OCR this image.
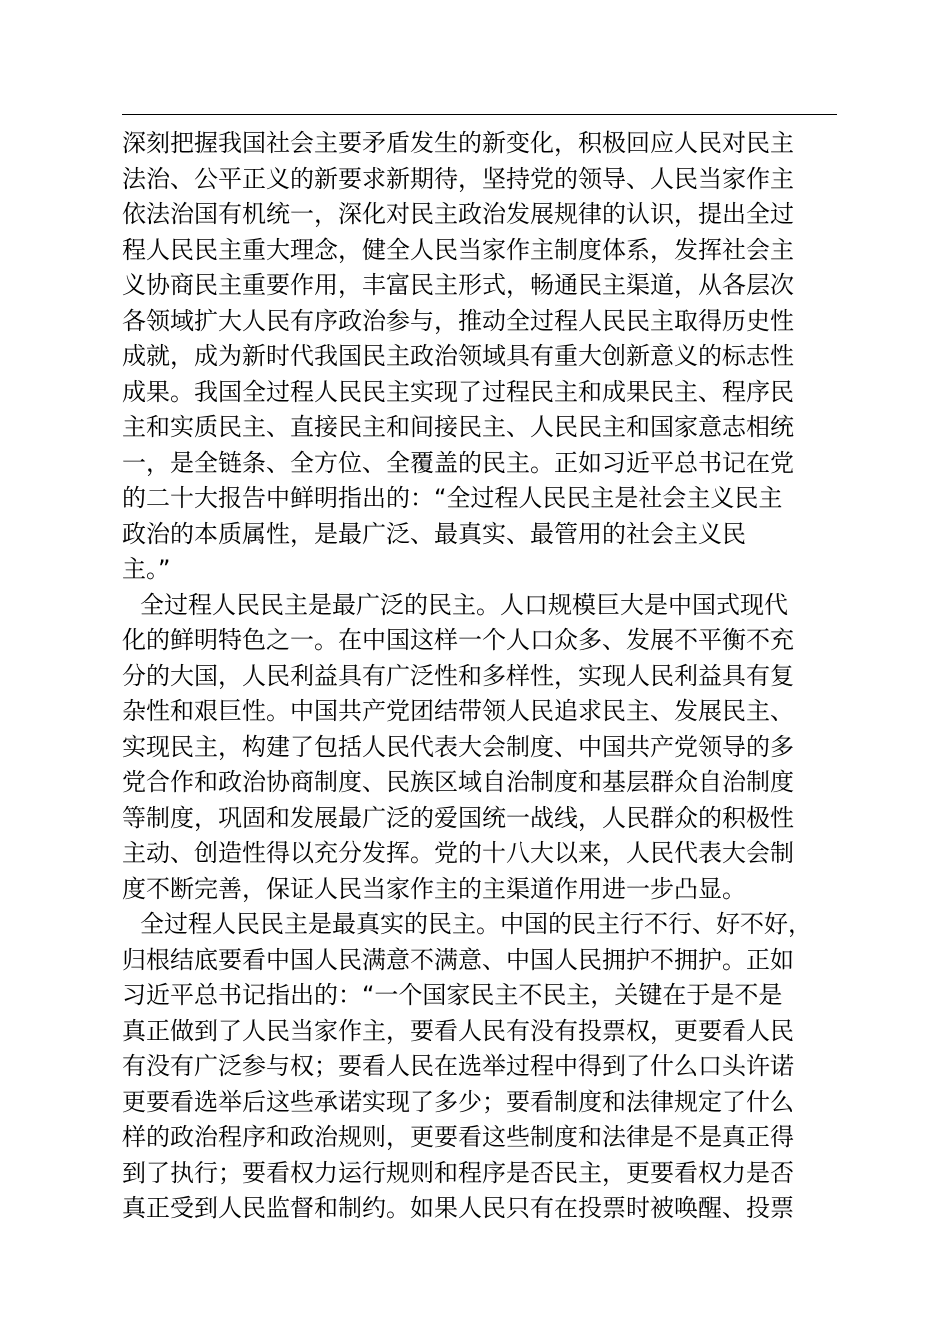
深刻把握我国社会主要矛盾发生的新变化，积极回应人民对民主
法治、公平正义的新要求新期待，坚持党的领导、人民当家作主
依法治国有机统一，深化对民主政治发展规律的认识，提出全过
程人民民主重大理念，健全人民当家作主制度体系，发挥社会主
义协商民主重要作用，丰富民主形式，畅通民主渠道，从各层次
各领域扩大人民有序政治参与，推动全过程人民民主取得历史性
成就，成为新时代我国民主政治领域具有重大创新意义的标志性
成果。我国全过程人民民主实现了过程民主和成果民主、程序民
主和实质民主、直接民主和间接民主、人民民主和国家意志相统
一，是全链条、全方位、全覆盖的民主。正如习近平总书记在党
的二十大报告中鲜明指出的：“全过程人民民主是社会主义民主
政治的本质属性，是最广泛、最真实、最管用的社会主义民
主。”
全过程人民民主是最广泛的民主。人口规模巨大是中国式现代
化的鲜明特色之一。在中国这样一个人口众多、发展不平衡不充
分的大国，人民利益具有广泛性和多样性，实现人民利益具有复
杂性和艰巨性。中国共产党团结带领人民追求民主、发展民主、
实现民主，构建了包括人民代表大会制度、中国共产党领导的多
党合作和政治协商制度、民族区域自治制度和基层群众自治制度
等制度，巩固和发展最广泛的爱国统一战线，人民群众的积极性
主动、创造性得以充分发挥。党的十八大以来，人民代表大会制
度不断完善，保证人民当家作主的主渠道作用进一步凸显。
全过程人民民主是最真实的民主。中国的民主行不行、好不好，
归根结底要看中国人民满意不满意、中国人民拥护不拥护。正如
习近平总书记指出的：“一个国家民主不民主，关键在于是不是
真正做到了人民当家作主，要看人民有没有投票权，更要看人民
有没有广泛参与权；要看人民在选举过程中得到了什么口头许诺
更要看选举后这些承诺实现了多少；要看制度和法律规定了什么
样的政治程序和政治规则，更要看这些制度和法律是不是真正得
到了执行；要看权力运行规则和程序是否民主，更要看权力是否
真正受到人民监督和制约。如果人民只有在投票时被唤醒、投票
